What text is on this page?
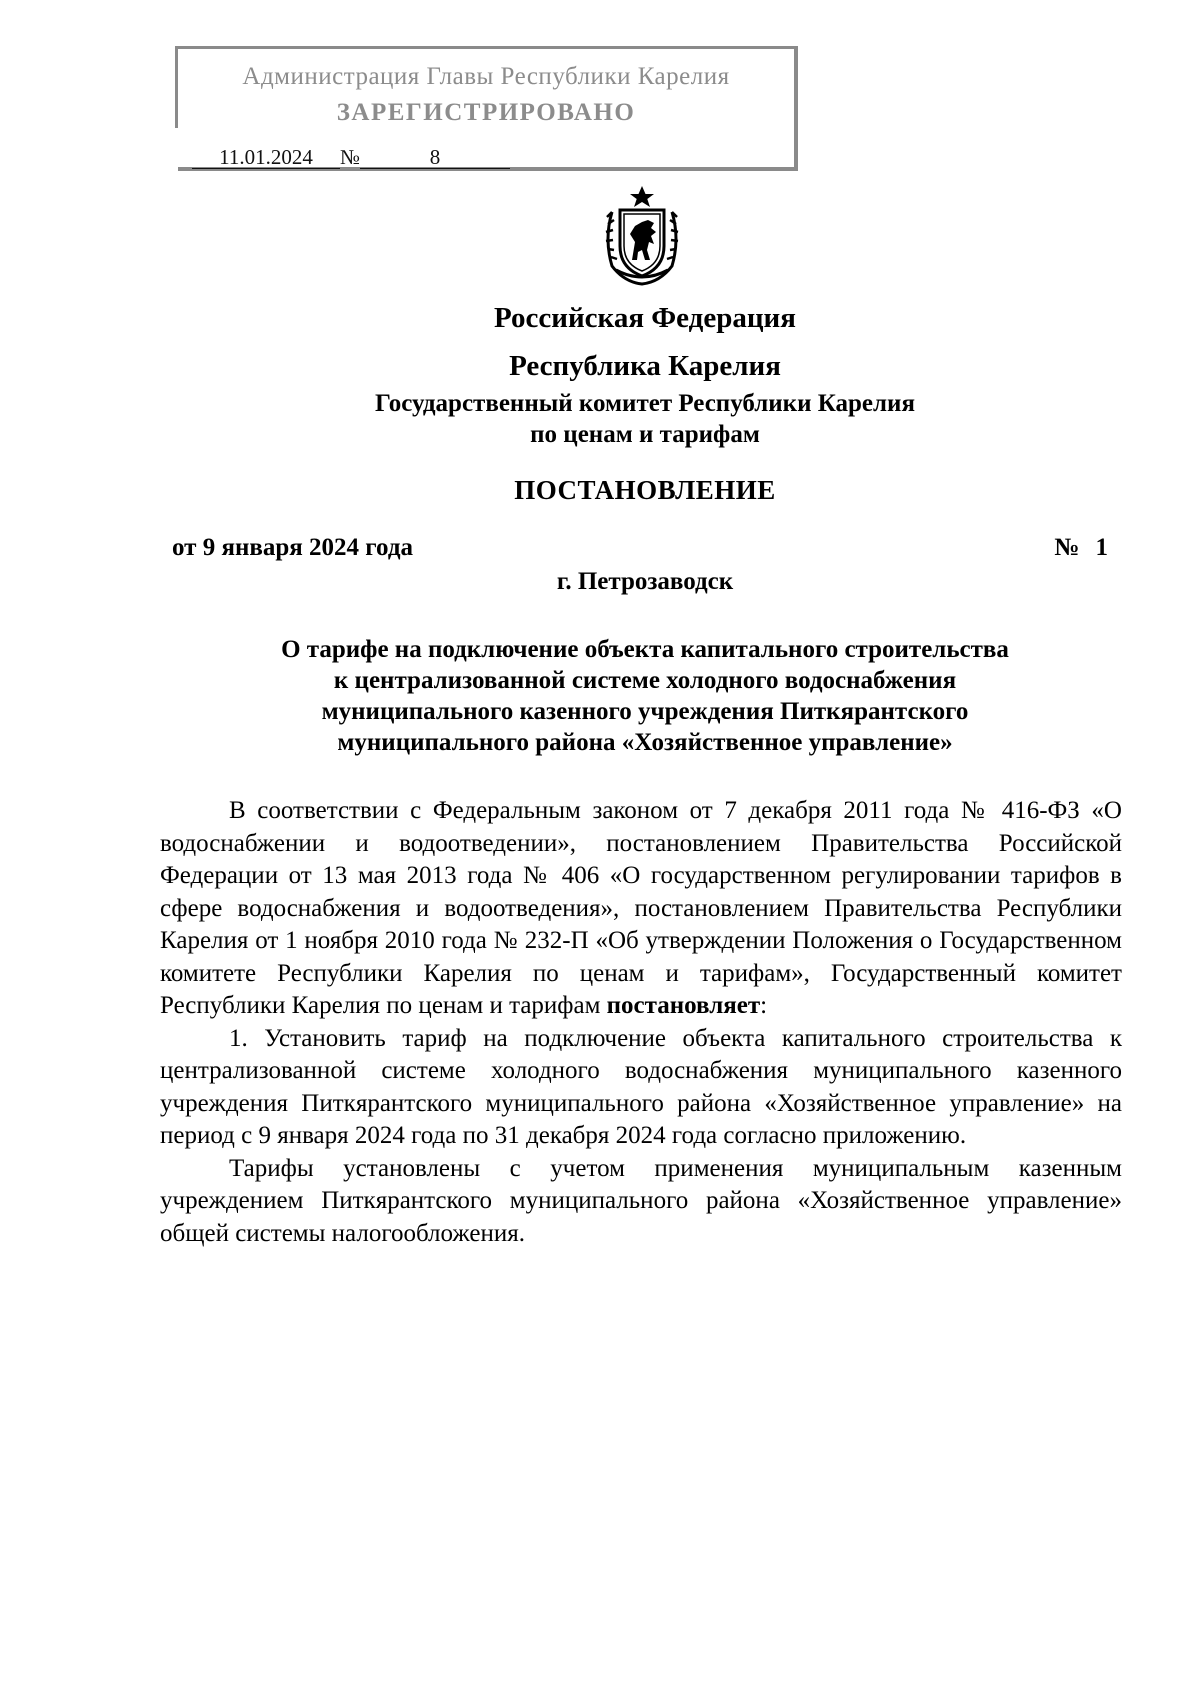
Администрация Главы Республики Карелия
ЗАРЕГИСТРИРОВАНО
11.01.2024 №	8
Российская Федерация
Республика Карелия
Государственный комитет Республики Карелия
по ценам и тарифам
ПОСТАНОВЛЕНИЕ
от 9 января 2024 года	№ 1
г. Петрозаводск
О тарифе на подключение объекта капитального строительства
к централизованной системе холодного водоснабжения
муниципального казенного учреждения Питкярантского
муниципального района «Хозяйственное управление»

В соответствии с Федеральным законом от 7 декабря 2011 года № 416-ФЗ «О водоснабжении и водоотведении», постановлением Правительства Российской Федерации от 13 мая 2013 года № 406 «О государственном регулировании тарифов в сфере водоснабжения и водоотведения», постановлением Правительства Республики Карелия от 1 ноября 2010 года № 232-П «Об утверждении Положения о Государственном комитете Республики Карелия по ценам и тарифам», Государственный комитет Республики Карелия по ценам и тарифам постановляет:

1. Установить тариф на подключение объекта капитального строительства к централизованной системе холодного водоснабжения муниципального казенного учреждения Питкярантского муниципального района «Хозяйственное управление» на период с 9 января 2024 года по 31 декабря 2024 года согласно приложению.

Тарифы установлены с учетом применения муниципальным казенным учреждением Питкярантского муниципального района «Хозяйственное управление» общей системы налогообложения.
